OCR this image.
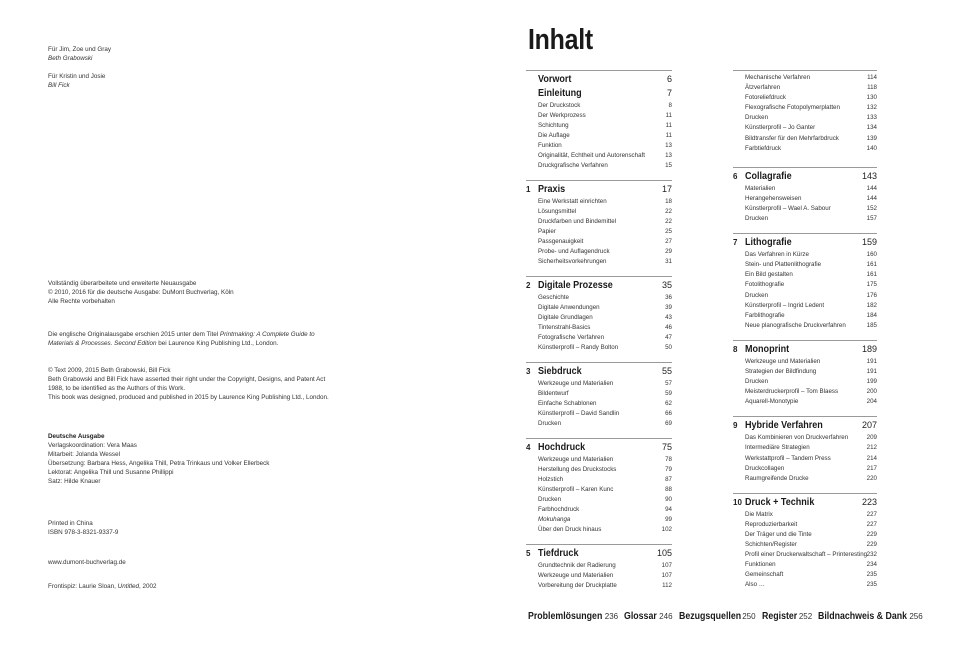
Für Jim, Zoe und Gray
Beth Grabowski
Für Kristin und Josie
Bill Fick
Vollständig überarbeitete und erweiterte Neuausgabe
© 2010, 2016 für die deutsche Ausgabe: DuMont Buchverlag, Köln
Alle Rechte vorbehalten
Die englische Originalausgabe erschien 2015 unter dem Titel Printmaking: A Complete Guide to
Materials & Processes. Second Edition bei Laurence King Publishing Ltd., London.
© Text 2009, 2015 Beth Grabowski, Bill Fick
Beth Grabowski and Bill Fick have asserted their right under the Copyright, Designs, and Patent Act
1988, to be identified as the Authors of this Work.
This book was designed, produced and published in 2015 by Laurence King Publishing Ltd., London.
Deutsche Ausgabe
Verlagskoordination: Vera Maas
Mitarbeit: Jolanda Wessel
Übersetzung: Barbara Hess, Angelika Thill, Petra Trinkaus und Volker Ellerbeck
Lektorat: Angelika Thill und Susanne Phillippi
Satz: Hilde Knauer
Printed in China
ISBN 978-3-8321-9337-9
www.dumont-buchverlag.de
Frontispiz: Laurie Sloan, Untitled, 2002
Inhalt
Vorwort	6
Einleitung	7
Der Druckstock	8
Der Werkprozess	11
Schichtung	11
Die Auflage	11
Funktion	13
Originalität, Echtheit und Autorenschaft	13
Druckgrafische Verfahren	15
1 Praxis	17
Eine Werkstatt einrichten	18
Lösungsmittel	22
Druckfarben und Bindemittel	22
Papier	25
Passgenauigkeit	27
Probe- und Auflagendruck	29
Sicherheitsvorkehrungen	31
2 Digitale Prozesse	35
Geschichte	36
Digitale Anwendungen	39
Digitale Grundlagen	43
Tintenstrahl-Basics	46
Fotografische Verfahren	47
Künstlerprofil – Randy Bolton	50
3 Siebdruck	55
Werkzeuge und Materialien	57
Bildentwurf	59
Einfache Schablonen	62
Künstlerprofil – David Sandlin	66
Drucken	69
4 Hochdruck	75
Werkzeuge und Materialien	78
Herstellung des Druckstocks	79
Holzstich	87
Künstlerprofil – Karen Kunc	88
Drucken	90
Farbhochdruck	94
Mokuhanga	99
Über den Druck hinaus	102
5 Tiefdruck	105
Grundtechnik der Radierung	107
Werkzeuge und Materialien	107
Vorbereitung der Druckplatte	112
Mechanische Verfahren	114
Ätzverfahren	118
Fotoreliefdruck	130
Flexografische Fotopolymerplatten	132
Drucken	133
Künstlerprofil – Jo Ganter	134
Bildtransfer für den Mehrfarbdruck	139
Farbtiefdruck	140
6 Collagrafie	143
Materialien	144
Herangehensweisen	144
Künstlerprofil – Wael A. Sabour	152
Drucken	157
7 Lithografie	159
Das Verfahren in Kürze	160
Stein- und Plattenlithografie	161
Ein Bild gestalten	161
Fotolithografie	175
Drucken	176
Künstlerprofil – Ingrid Ledent	182
Farblithografie	184
Neue planografische Druckverfahren	185
8 Monoprint	189
Werkzeuge und Materialien	191
Strategien der Bildfindung	191
Drucken	199
Meisterdruckerprofil – Tom Blaess	200
Aquarell-Monotypie	204
9 Hybride Verfahren	207
Das Kombinieren von Druckverfahren	209
Intermediäre Strategien	212
Werkstattprofil – Tandem Press	214
Druckcollagen	217
Raumgreifende Drucke	220
10 Druck + Technik	223
Die Matrix	227
Reproduzierbarkeit	227
Der Träger und die Tinte	229
Schichten/Register	229
Profil einer Druckerwaltschaft – Printeresting 232
Funktionen	234
Gemeinschaft	235
Also …	235
Problemlösungen 236 Glossar 246 Bezugsquellen 250 Register 252 Bildnachweis & Dank 256
